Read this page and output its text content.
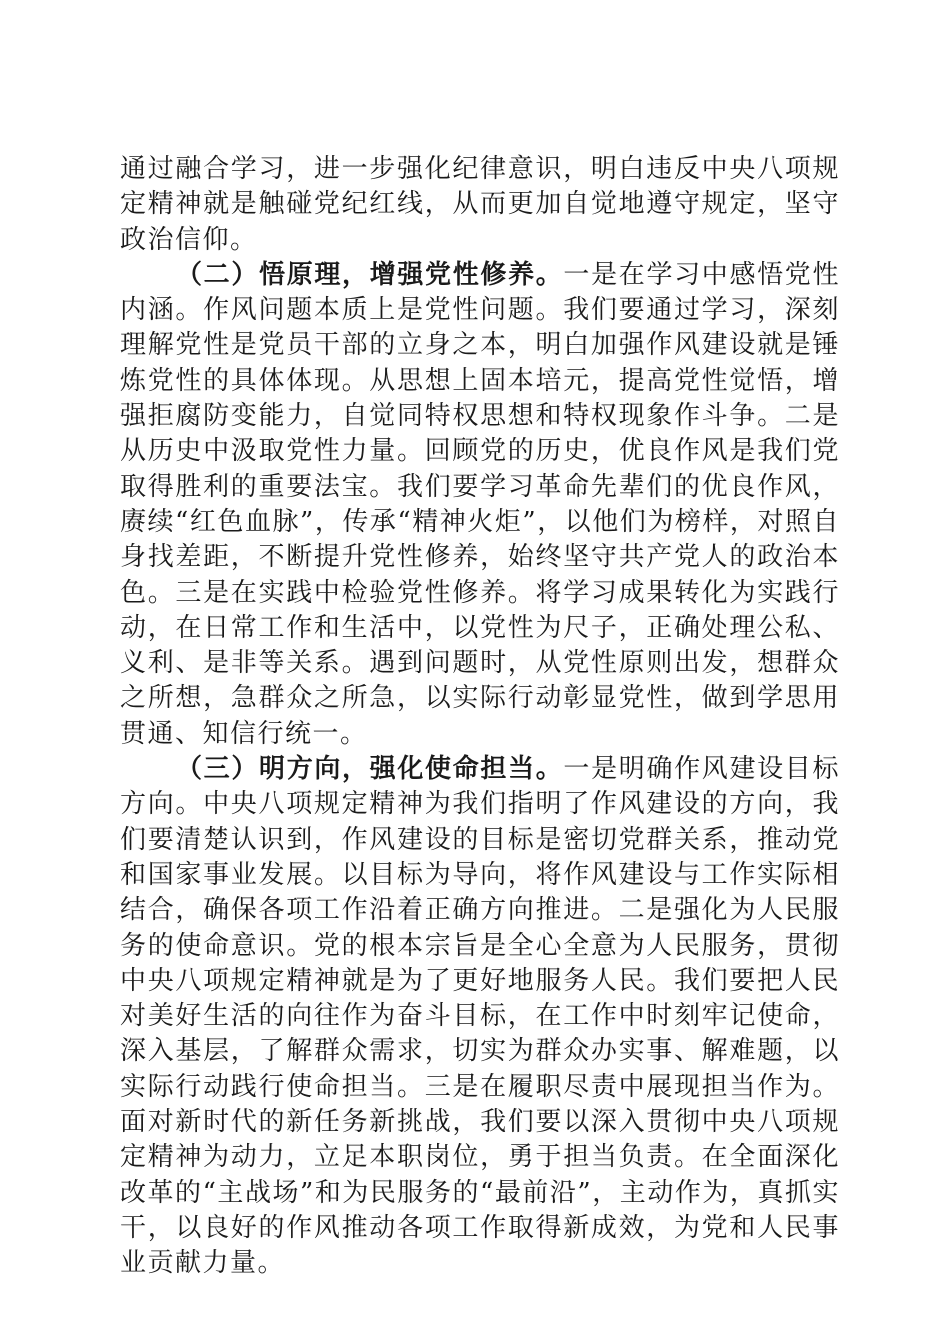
通过融合学习，进一步强化纪律意识，明白违反中央八项规定精神就是触碰党纪红线，从而更加自觉地遵守规定，坚守政治信仰。

（二）悟原理，增强党性修养。一是在学习中感悟党性内涵。作风问题本质上是党性问题。我们要通过学习，深刻理解党性是党员干部的立身之本，明白加强作风建设就是锤炼党性的具体体现。从思想上固本培元，提高党性觉悟，增强拒腐防变能力，自觉同特权思想和特权现象作斗争。二是从历史中汲取党性力量。回顾党的历史，优良作风是我们党取得胜利的重要法宝。我们要学习革命先辈们的优良作风，赓续“红色血脉”，传承“精神火炬”，以他们为榜样，对照自身找差距，不断提升党性修养，始终坚守共产党人的政治本色。三是在实践中检验党性修养。将学习成果转化为实践行动，在日常工作和生活中，以党性为尺子，正确处理公私、义利、是非等关系。遇到问题时，从党性原则出发，想群众之所想，急群众之所急，以实际行动彰显党性，做到学思用贯通、知信行统一。

（三）明方向，强化使命担当。一是明确作风建设目标方向。中央八项规定精神为我们指明了作风建设的方向，我们要清楚认识到，作风建设的目标是密切党群关系，推动党和国家事业发展。以目标为导向，将作风建设与工作实际相结合，确保各项工作沿着正确方向推进。二是强化为人民服务的使命意识。党的根本宗旨是全心全意为人民服务，贯彻中央八项规定精神就是为了更好地服务人民。我们要把人民对美好生活的向往作为奋斗目标，在工作中时刻牢记使命，深入基层，了解群众需求，切实为群众办实事、解难题，以实际行动践行使命担当。三是在履职尽责中展现担当作为。面对新时代的新任务新挑战，我们要以深入贯彻中央八项规定精神为动力，立足本职岗位，勇于担当负责。在全面深化改革的“主战场”和为民服务的“最前沿”，主动作为，真抓实干，以良好的作风推动各项工作取得新成效，为党和人民事业贡献力量。
